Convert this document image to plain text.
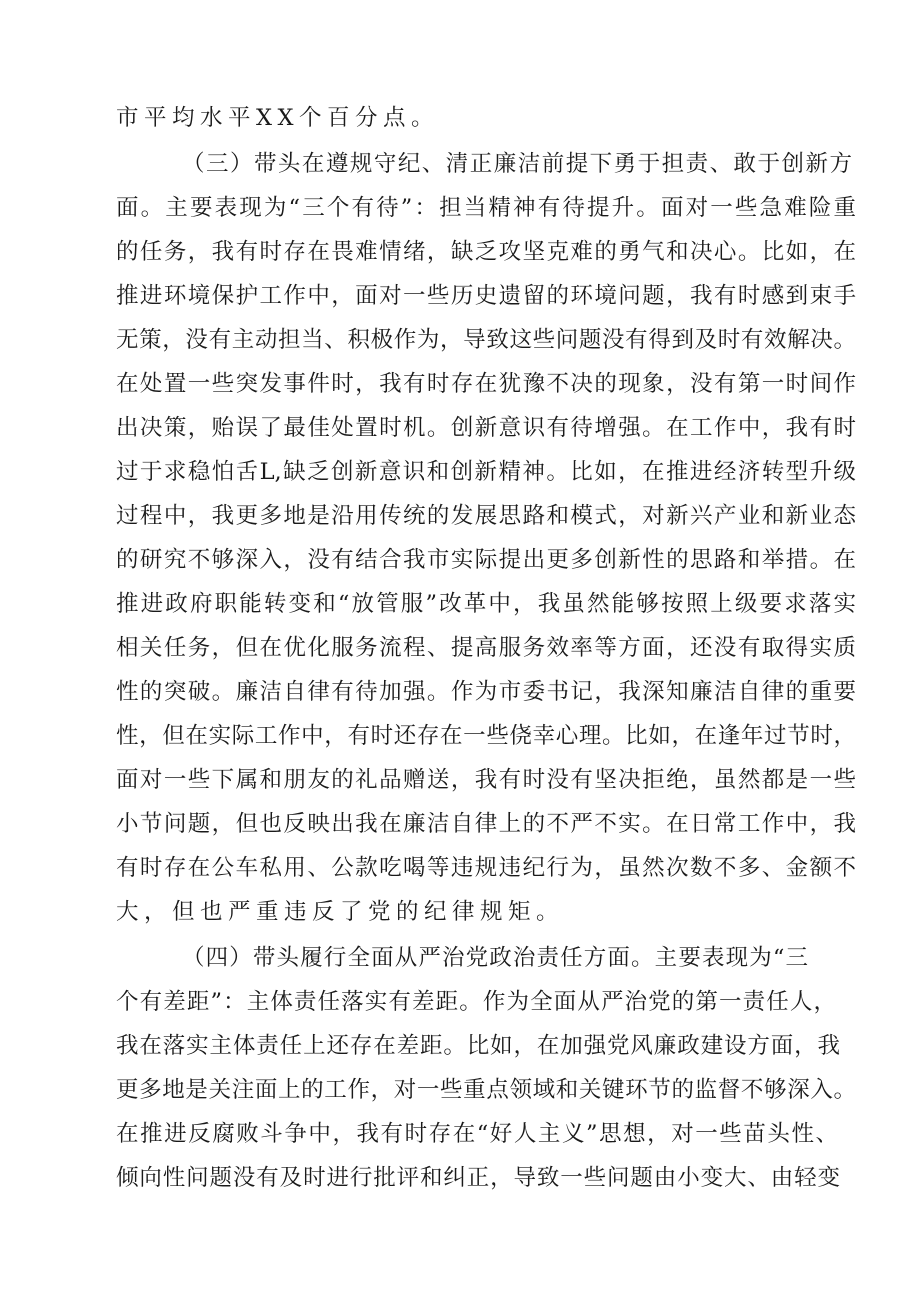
市平均水平XX个百分点。
（三）带头在遵规守纪、清正廉洁前提下勇于担责、敢于创新方
面。主要表现为“三个有待”：担当精神有待提升。面对一些急难险重
的任务，我有时存在畏难情绪，缺乏攻坚克难的勇气和决心。比如，在
推进环境保护工作中，面对一些历史遗留的环境问题，我有时感到束手
无策，没有主动担当、积极作为，导致这些问题没有得到及时有效解决。
在处置一些突发事件时，我有时存在犹豫不决的现象，没有第一时间作
出决策，贻误了最佳处置时机。创新意识有待增强。在工作中，我有时
过于求稳怕舌L,缺乏创新意识和创新精神。比如，在推进经济转型升级
过程中，我更多地是沿用传统的发展思路和模式，对新兴产业和新业态
的研究不够深入，没有结合我市实际提出更多创新性的思路和举措。在
推进政府职能转变和“放管服”改革中，我虽然能够按照上级要求落实
相关任务，但在优化服务流程、提高服务效率等方面，还没有取得实质
性的突破。廉洁自律有待加强。作为市委书记，我深知廉洁自律的重要
性，但在实际工作中，有时还存在一些侥幸心理。比如，在逢年过节时，
面对一些下属和朋友的礼品赠送，我有时没有坚决拒绝，虽然都是一些
小节问题，但也反映出我在廉洁自律上的不严不实。在日常工作中，我
有时存在公车私用、公款吃喝等违规违纪行为，虽然次数不多、金额不
大，但也严重违反了党的纪律规矩。
（四）带头履行全面从严治党政治责任方面。主要表现为“三
个有差距”：主体责任落实有差距。作为全面从严治党的第一责任人，
我在落实主体责任上还存在差距。比如，在加强党风廉政建设方面，我
更多地是关注面上的工作，对一些重点领域和关键环节的监督不够深入。
在推进反腐败斗争中，我有时存在“好人主义”思想，对一些苗头性、
倾向性问题没有及时进行批评和纠正，导致一些问题由小变大、由轻变
